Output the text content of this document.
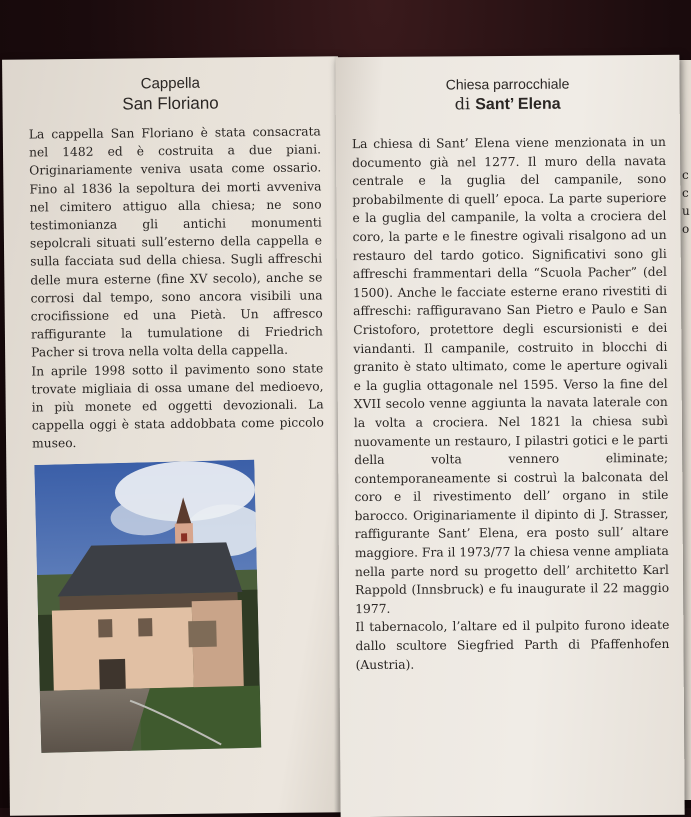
c
c
u
o
Cappella
San Floriano

La cappella San Floriano è stata consacrata nel 1482 ed è costruita a due piani. Originariamente veniva usata come ossario. Fino al 1836 la sepoltura dei morti avveniva nel cimitero attiguo alla chiesa; ne sono testimonianza gli antichi monumenti sepolcrali situati sull’esterno della cappella e sulla facciata sud della chiesa. Sugli affreschi delle mura esterne (fine XV secolo), anche se corrosi dal tempo, sono ancora visibili una crocifissione ed una Pietà. Un affresco raffigurante la tumulatione di Friedrich Pacher si trova nella volta della cappella.

In aprile 1998 sotto il pavimento sono state trovate migliaia di ossa umane del medioevo, in più monete ed oggetti devozionali. La cappella oggi è stata addobbata come piccolo museo.

Chiesa parrocchiale
di Sant’ Elena

La chiesa di Sant’ Elena viene menzionata in un documento già nel 1277. Il muro della navata centrale e la guglia del campanile, sono probabilmente di quell’ epoca. La parte superiore e la guglia del campanile, la volta a crociera del coro, la parte e le finestre ogivali risalgono ad un restauro del tardo gotico. Significativi sono gli affreschi frammentari della “Scuola Pacher” (del 1500). Anche le facciate esterne erano rivestiti di affreschi: raffiguravano San Pietro e Paulo e San Cristoforo, protettore degli escursionisti e dei viandanti. Il campanile, costruito in blocchi di granito è stato ultimato, come le aperture ogivali e la guglia ottagonale nel 1595. Verso la fine del XVII secolo venne aggiunta la navata laterale con la volta a crociera. Nel 1821 la chiesa subì nuovamente un restauro, I pilastri gotici e le parti della volta vennero eliminate; contemporaneamente si costruì la balconata del coro e il rivestimento dell’ organo in stile barocco. Originariamente il dipinto di J. Strasser, raffigurante Sant’ Elena, era posto sull’ altare maggiore. Fra il 1973/77 la chiesa venne ampliata nella parte nord su progetto dell’ architetto Karl Rappold (Innsbruck) e fu inaugurate il 22 maggio 1977.

Il tabernacolo, l’altare ed il pulpito furono ideate dallo scultore Siegfried Parth di Pfaffenhofen (Austria).
